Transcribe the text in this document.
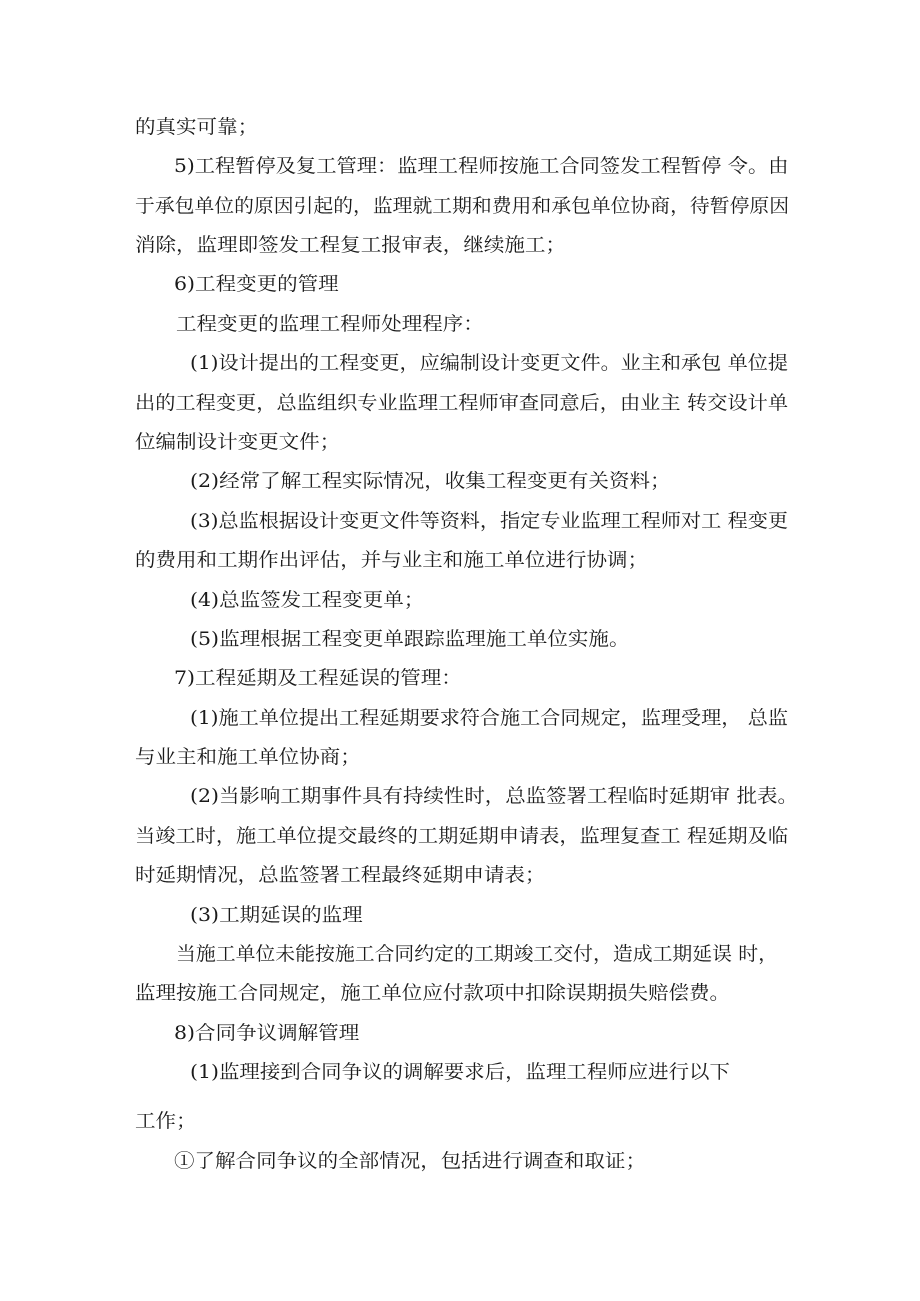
的真实可靠；

5)工程暂停及复工管理：监理工程师按施工合同签发工程暂停 令。由

于承包单位的原因引起的，监理就工期和费用和承包单位协商，待暂停原因

消除，监理即签发工程复工报审表，继续施工；

6)工程变更的管理

工程变更的监理工程师处理程序：

(1)设计提出的工程变更，应编制设计变更文件。业主和承包 单位提

出的工程变更，总监组织专业监理工程师审查同意后，由业主 转交设计单

位编制设计变更文件；

(2)经常了解工程实际情况，收集工程变更有关资料；

(3)总监根据设计变更文件等资料，指定专业监理工程师对工 程变更

的费用和工期作出评估，并与业主和施工单位进行协调；

(4)总监签发工程变更单；

(5)监理根据工程变更单跟踪监理施工单位实施。

7)工程延期及工程延误的管理：

(1)施工单位提出工程延期要求符合施工合同规定，监理受理， 总监

与业主和施工单位协商；

(2)当影响工期事件具有持续性时，总监签署工程临时延期审 批表。

当竣工时，施工单位提交最终的工期延期申请表，监理复查工 程延期及临

时延期情况，总监签署工程最终延期申请表；

(3)工期延误的监理

当施工单位未能按施工合同约定的工期竣工交付，造成工期延误 时，

监理按施工合同规定，施工单位应付款项中扣除误期损失赔偿费。

8)合同争议调解管理

(1)监理接到合同争议的调解要求后，监理工程师应进行以下

工作；

①了解合同争议的全部情况，包括进行调查和取证；
